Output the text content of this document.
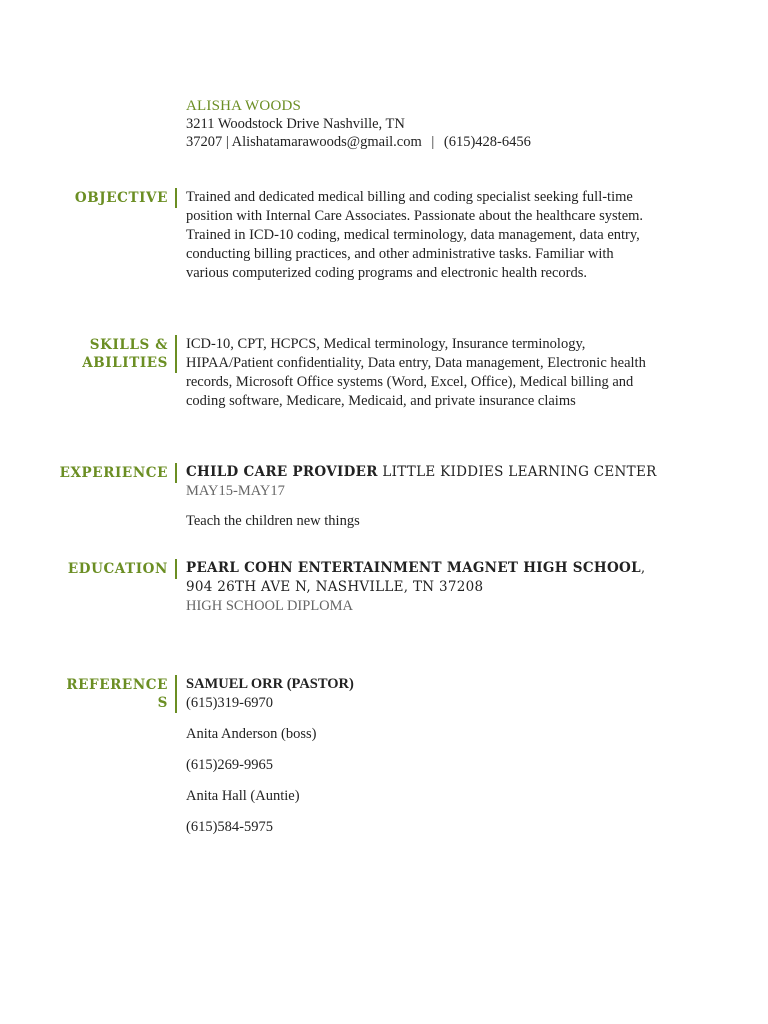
ALISHA WOODS
3211 Woodstock Drive Nashville, TN
37207 | Alishatamarawoods@gmail.com | (615)428-6456
OBJECTIVE Trained and dedicated medical billing and coding specialist seeking full-time position with Internal Care Associates. Passionate about the healthcare system. Trained in ICD-10 coding, medical terminology, data management, data entry, conducting billing practices, and other administrative tasks. Familiar with various computerized coding programs and electronic health records.
SKILLS &
ABILITIES
ICD-10, CPT, HCPCS, Medical terminology, Insurance terminology, HIPAA/Patient confidentiality, Data entry, Data management, Electronic health records, Microsoft Office systems (Word, Excel, Office), Medical billing and coding software, Medicare, Medicaid, and private insurance claims
EXPERIENCE CHILD CARE PROVIDER LITTLE KIDDIES LEARNING CENTER
MAY15-MAY17
Teach the children new things
EDUCATION PEARL COHN ENTERTAINMENT MAGNET HIGH SCHOOL, 904 26TH AVE N, NASHVILLE, TN 37208
HIGH SCHOOL DIPLOMA
REFERENCE
S
SAMUEL ORR (PASTOR)
(615)319-6970
Anita Anderson (boss)
(615)269-9965
Anita Hall (Auntie)
(615)584-5975
